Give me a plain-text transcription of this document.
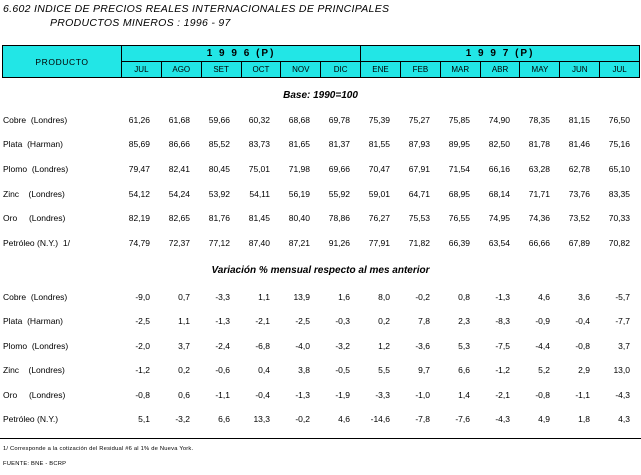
6.602 INDICE DE PRECIOS REALES INTERNACIONALES DE PRINCIPALES
PRODUCTOS MINEROS : 1996 - 97
PRODUCTO	1 9 9 6 (P)						1 9 9 7 (P)						
	JUL	AGO	SET	OCT	NOV	DIC	ENE	FEB	MAR	ABR	MAY	JUN	JUL
Base: 1990=100
Cobre  (Londres)	61,26	61,68	59,66	60,32	68,68	69,78	75,39	75,27	75,85	74,90	78,35	81,15	76,50
Plata  (Harman)	85,69	86,66	85,52	83,73	81,65	81,37	81,55	87,93	89,95	82,50	81,78	81,46	75,16
Plomo  (Londres)	79,47	82,41	80,45	75,01	71,98	69,66	70,47	67,91	71,54	66,16	63,28	62,78	65,10
Zinc    (Londres)	54,12	54,24	53,92	54,11	56,19	55,92	59,01	64,71	68,95	68,14	71,71	73,76	83,35
Oro     (Londres)	82,19	82,65	81,76	81,45	80,40	78,86	76,27	75,53	76,55	74,95	74,36	73,52	70,33
Petróleo (N.Y.)  1/	74,79	72,37	77,12	87,40	87,21	91,26	77,91	71,82	66,39	63,54	66,66	67,89	70,82
Variación % mensual respecto al mes anterior
Cobre  (Londres)	-9,0	0,7	-3,3	1,1	13,9	1,6	8,0	-0,2	0,8	-1,3	4,6	3,6	-5,7
Plata  (Harman)	-2,5	1,1	-1,3	-2,1	-2,5	-0,3	0,2	7,8	2,3	-8,3	-0,9	-0,4	-7,7
Plomo  (Londres)	-2,0	3,7	-2,4	-6,8	-4,0	-3,2	1,2	-3,6	5,3	-7,5	-4,4	-0,8	3,7
Zinc    (Londres)	-1,2	0,2	-0,6	0,4	3,8	-0,5	5,5	9,7	6,6	-1,2	5,2	2,9	13,0
Oro     (Londres)	-0,8	0,6	-1,1	-0,4	-1,3	-1,9	-3,3	-1,0	1,4	-2,1	-0,8	-1,1	-4,3
Petróleo (N.Y.)	5,1	-3,2	6,6	13,3	-0,2	4,6	-14,6	-7,8	-7,6	-4,3	4,9	1,8	4,3
1/ Corresponde a la cotización del Residual #6 al 1% de Nueva York.
FUENTE: BNE - BCRP
